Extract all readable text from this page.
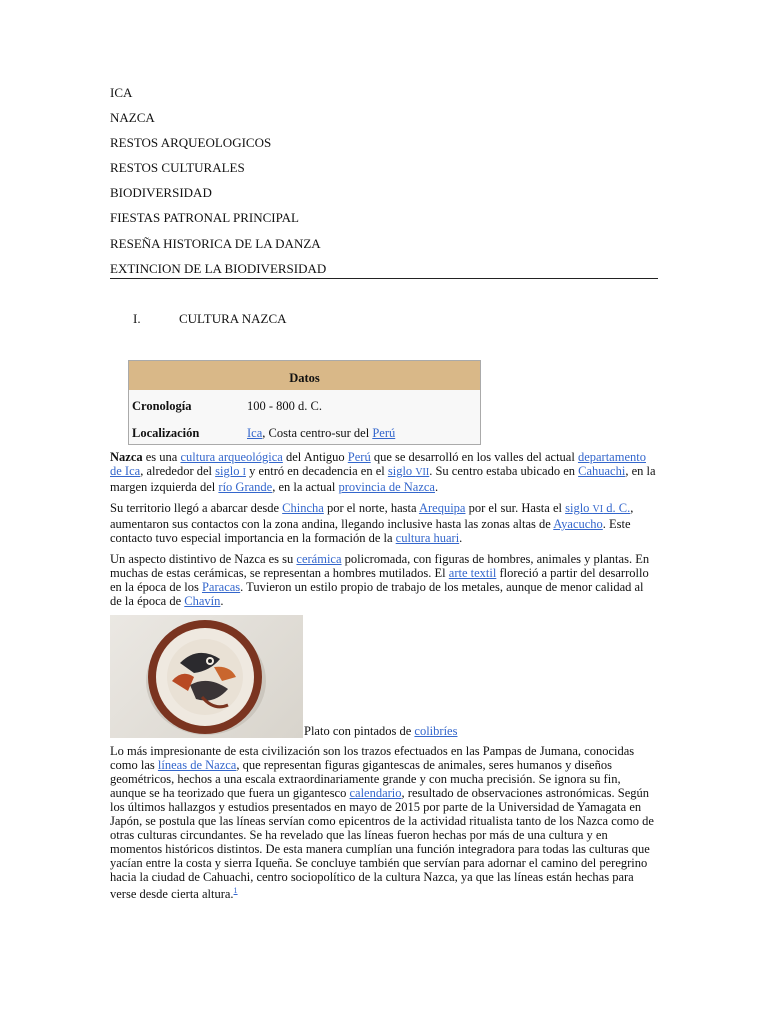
ICA
NAZCA
RESTOS ARQUEOLOGICOS
RESTOS CULTURALES
BIODIVERSIDAD
FIESTAS PATRONAL PRINCIPAL
RESEÑA HISTORICA DE LA DANZA
EXTINCION DE LA BIODIVERSIDAD
I.	CULTURA NAZCA
Datos
Cronología	100 - 800 d. C.
Localización	Ica, Costa centro-sur del Perú

Nazca es una cultura arqueológica del Antiguo Perú que se desarrolló en los valles del actual departamento de Ica, alrededor del siglo I y entró en decadencia en el siglo VII. Su centro estaba ubicado en Cahuachi, en la margen izquierda del río Grande, en la actual provincia de Nazca.

Su territorio llegó a abarcar desde Chincha por el norte, hasta Arequipa por el sur. Hasta el siglo VI d. C., aumentaron sus contactos con la zona andina, llegando inclusive hasta las zonas altas de Ayacucho. Este contacto tuvo especial importancia en la formación de la cultura huari.

Un aspecto distintivo de Nazca es su cerámica policromada, con figuras de hombres, animales y plantas. En muchas de estas cerámicas, se representan a hombres mutilados. El arte textil floreció a partir del desarrollo en la época de los Paracas. Tuvieron un estilo propio de trabajo de los metales, aunque de menor calidad al de la época de Chavín.

Plato con pintados de colibríes

Lo más impresionante de esta civilización son los trazos efectuados en las Pampas de Jumana, conocidas como las líneas de Nazca, que representan figuras gigantescas de animales, seres humanos y diseños geométricos, hechos a una escala extraordinariamente grande y con mucha precisión. Se ignora su fin, aunque se ha teorizado que fuera un gigantesco calendario, resultado de observaciones astronómicas. Según los últimos hallazgos y estudios presentados en mayo de 2015 por parte de la Universidad de Yamagata en Japón, se postula que las líneas servían como epicentros de la actividad ritualista tanto de los Nazca como de otras culturas circundantes. Se ha revelado que las líneas fueron hechas por más de una cultura y en momentos históricos distintos. De esta manera cumplían una función integradora para todas las culturas que yacían entre la costa y sierra Iqueña. Se concluye también que servían para adornar el camino del peregrino hacia la ciudad de Cahuachi, centro sociopolítico de la cultura Nazca, ya que las líneas están hechas para verse desde cierta altura.$^1$
